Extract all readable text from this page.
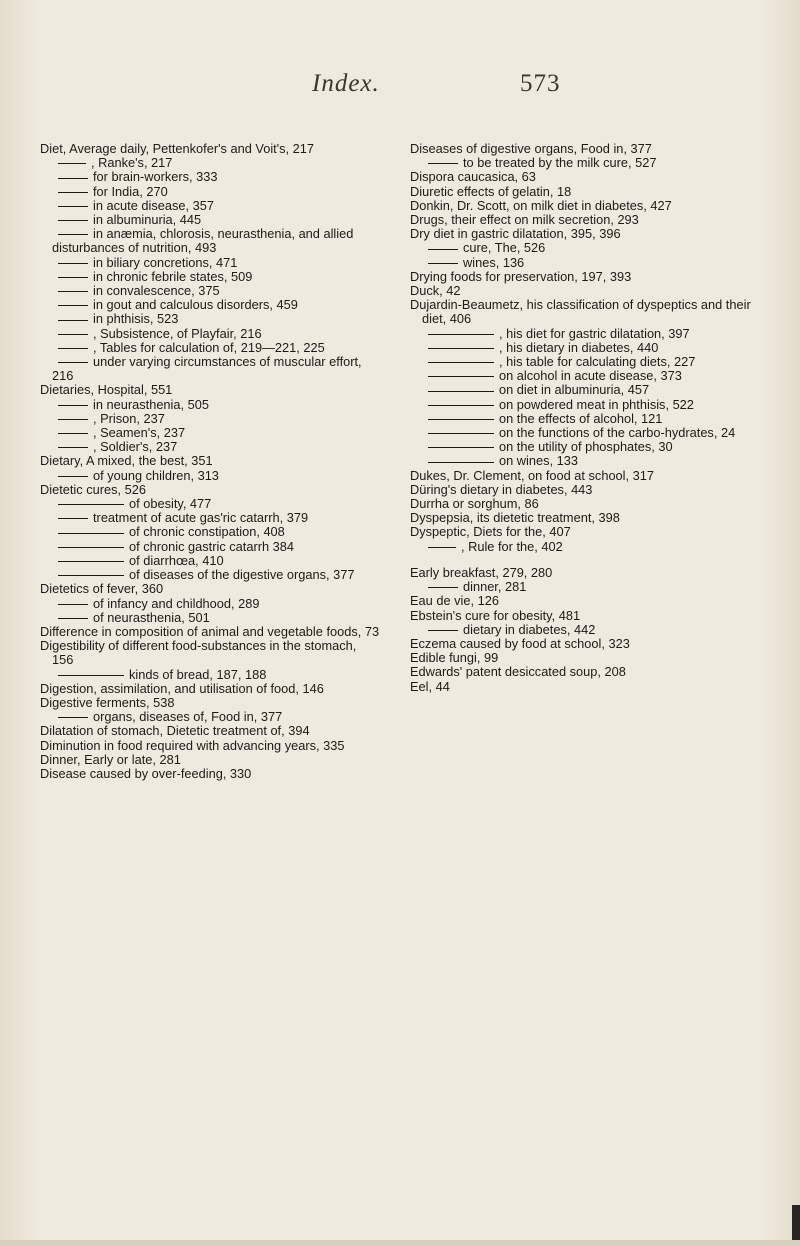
Index.	573

Diet, Average daily, Pettenkofer's and Voit's, 217

, Ranke's, 217

for brain-workers, 333

for India, 270

in acute disease, 357

in albuminuria, 445

in anæmia, chlorosis, neurasthenia, and allied disturbances of nutrition, 493

in biliary concretions, 471

in chronic febrile states, 509

in convalescence, 375

in gout and calculous disorders, 459

in phthisis, 523

, Subsistence, of Playfair, 216

, Tables for calculation of, 219—221, 225

under varying circumstances of muscular effort, 216

Dietaries, Hospital, 551

in neurasthenia, 505

, Prison, 237

, Seamen's, 237

, Soldier's, 237

Dietary, A mixed, the best, 351

of young children, 313

Dietetic cures, 526

of obesity, 477

treatment of acute gas'ric catarrh, 379

of chronic constipation, 408

of chronic gastric catarrh 384

of diarrhœa, 410

of diseases of the digestive organs, 377

Dietetics of fever, 360

of infancy and childhood, 289

of neurasthenia, 501

Difference in composition of animal and vegetable foods, 73

Digestibility of different food-substances in the stomach, 156

kinds of bread, 187, 188

Digestion, assimilation, and utilisation of food, 146

Digestive ferments, 538

organs, diseases of, Food in, 377

Dilatation of stomach, Dietetic treatment of, 394

Diminution in food required with advancing years, 335

Dinner, Early or late, 281

Disease caused by over-feeding, 330

Diseases of digestive organs, Food in, 377

to be treated by the milk cure, 527

Dispora caucasica, 63

Diuretic effects of gelatin, 18

Donkin, Dr. Scott, on milk diet in diabetes, 427

Drugs, their effect on milk secretion, 293

Dry diet in gastric dilatation, 395, 396

cure, The, 526

wines, 136

Drying foods for preservation, 197, 393

Duck, 42

Dujardin-Beaumetz, his classification of dyspeptics and their diet, 406

, his diet for gastric dilatation, 397

, his dietary in diabetes, 440

, his table for calculating diets, 227

on alcohol in acute disease, 373

on diet in albuminuria, 457

on powdered meat in phthisis, 522

on the effects of alcohol, 121

on the functions of the carbo-hydrates, 24

on the utility of phosphates, 30

on wines, 133

Dukes, Dr. Clement, on food at school, 317

Düring's dietary in diabetes, 443

Durrha or sorghum, 86

Dyspepsia, its dietetic treatment, 398

Dyspeptic, Diets for the, 407

, Rule for the, 402

Early breakfast, 279, 280

dinner, 281

Eau de vie, 126

Ebstein's cure for obesity, 481

dietary in diabetes, 442

Eczema caused by food at school, 323

Edible fungi, 99

Edwards' patent desiccated soup, 208

Eel, 44
